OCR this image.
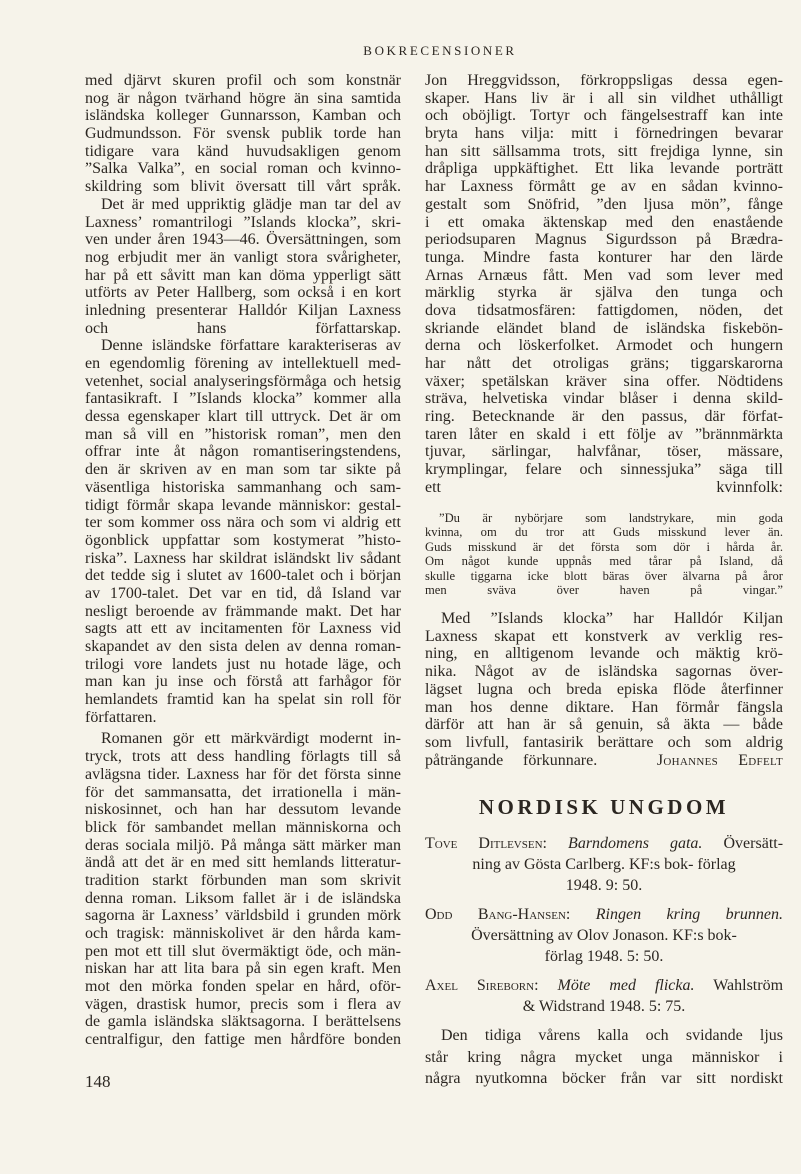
BOKRECENSIONER
med djärvt skuren profil och som konstnär
nog är någon tvärhand högre än sina samtida
isländska kolleger Gunnarsson, Kamban och
Gudmundsson. För svensk publik torde han
tidigare vara känd huvudsakligen genom
”Salka Valka”, en social roman och kvinno-
skildring som blivit översatt till vårt språk.
Det är med uppriktig glädje man tar del av
Laxness’ romantrilogi ”Islands klocka”, skri-
ven under åren 1943—46. Översättningen, som
nog erbjudit mer än vanligt stora svårigheter,
har på ett såvitt man kan döma ypperligt sätt
utförts av Peter Hallberg, som också i en kort
inledning presenterar Halldór Kiljan Laxness
och hans författarskap.
Denne isländske författare karakteriseras av
en egendomlig förening av intellektuell med-
vetenhet, social analyseringsförmåga och hetsig
fantasikraft. I ”Islands klocka” kommer alla
dessa egenskaper klart till uttryck. Det är om
man så vill en ”historisk roman”, men den
offrar inte åt någon romantiseringstendens,
den är skriven av en man som tar sikte på
väsentliga historiska sammanhang och sam-
tidigt förmår skapa levande människor: gestal-
ter som kommer oss nära och som vi aldrig ett
ögonblick uppfattar som kostymerat ”histo-
riska”. Laxness har skildrat isländskt liv sådant
det tedde sig i slutet av 1600-talet och i början
av 1700-talet. Det var en tid, då Island var
nesligt beroende av främmande makt. Det har
sagts att ett av incitamenten för Laxness vid
skapandet av den sista delen av denna roman-
trilogi vore landets just nu hotade läge, och
man kan ju inse och förstå att farhågor för
hemlandets framtid kan ha spelat sin roll för
författaren.
Romanen gör ett märkvärdigt modernt in-
tryck, trots att dess handling förlagts till så
avlägsna tider. Laxness har för det första sinne
för det sammansatta, det irrationella i män-
niskosinnet, och han har dessutom levande
blick för sambandet mellan människorna och
deras sociala miljö. På många sätt märker man
ändå att det är en med sitt hemlands litteratur-
tradition starkt förbunden man som skrivit
denna roman. Liksom fallet är i de isländska
sagorna är Laxness’ världsbild i grunden mörk
och tragisk: människolivet är den hårda kam-
pen mot ett till slut övermäktigt öde, och män-
niskan har att lita bara på sin egen kraft. Men
mot den mörka fonden spelar en hård, oför-
vägen, drastisk humor, precis som i flera av
de gamla isländska släktsagorna. I berättelsens
centralfigur, den fattige men hårdföre bonden
Jon Hreggvidsson, förkroppsligas dessa egen-
skaper. Hans liv är i all sin vildhet uthålligt
och oböjligt. Tortyr och fängelsestraff kan inte
bryta hans vilja: mitt i förnedringen bevarar
han sitt sällsamma trots, sitt frejdiga lynne, sin
dråpliga uppkäftighet. Ett lika levande porträtt
har Laxness förmått ge av en sådan kvinno-
gestalt som Snöfrid, ”den ljusa mön”, fånge
i ett omaka äktenskap med den enastående
periodsuparen Magnus Sigurdsson på Brædra-
tunga. Mindre fasta konturer har den lärde
Arnas Arnæus fått. Men vad som lever med
märklig styrka är själva den tunga och
dova tidsatmosfären: fattigdomen, nöden, det
skriande eländet bland de isländska fiskebön-
derna och löskerfolket. Armodet och hungern
har nått det otroligas gräns; tiggarskarorna
växer; spetälskan kräver sina offer. Nödtidens
sträva, helvetiska vindar blåser i denna skild-
ring. Betecknande är den passus, där förfat-
taren låter en skald i ett följe av ”brännmärkta
tjuvar, särlingar, halvfånar, töser, mässare,
krymplingar, felare och sinnessjuka” säga till
ett kvinnfolk:
”Du är nybörjare som landstrykare, min goda
kvinna, om du tror att Guds misskund lever än.
Guds misskund är det första som dör i hårda år.
Om något kunde uppnås med tårar på Island, då
skulle tiggarna icke blott bäras över älvarna på åror
men sväva över haven på vingar.”
Med ”Islands klocka” har Halldór Kiljan
Laxness skapat ett konstverk av verklig res-
ning, en alltigenom levande och mäktig krö-
nika. Något av de isländska sagornas över-
lägset lugna och breda episka flöde återfinner
man hos denne diktare. Han förmår fängsla
därför att han är så genuin, så äkta — både
som livfull, fantasirik berättare och som aldrig
påträngande förkunnare.	Johannes Edfelt
NORDISK UNGDOM
Tove Ditlevsen: Barndomens gata. Översätt-
ning av Gösta Carlberg. KF:s bok- förlag 1948. 9: 50.
Odd Bang-Hansen: Ringen kring brunnen.
Översättning av Olov Jonason. KF:s bok- förlag 1948. 5: 50.
Axel Sireborn: Möte med flicka. Wahlström
& Widstrand 1948. 5: 75.
Den tidiga vårens kalla och svidande ljus
står kring några mycket unga människor i
några nyutkomna böcker från var sitt nordiskt
148
